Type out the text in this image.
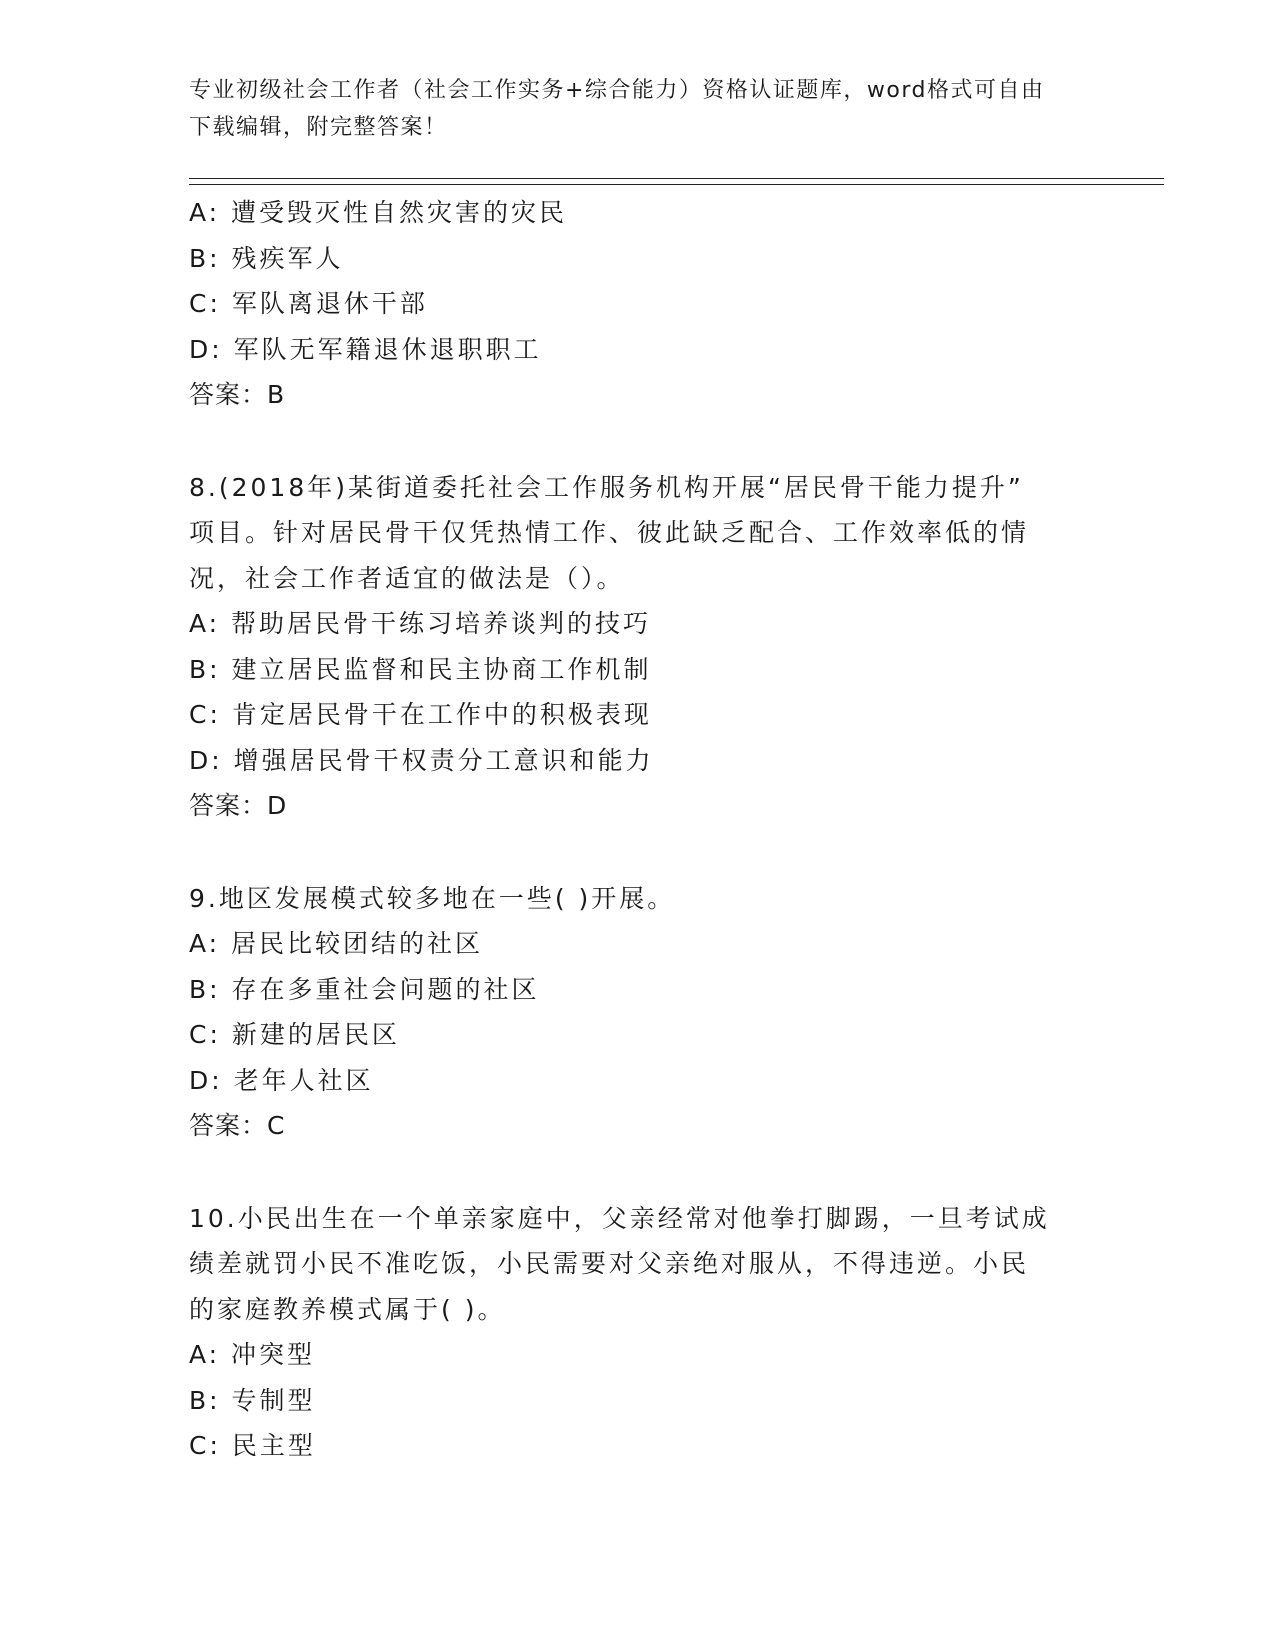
专业初级社会工作者（社会工作实务+综合能力）资格认证题库，word格式可自由
下载编辑，附完整答案！
A: 遭受毁灭性自然灾害的灾民
B: 残疾军人
C: 军队离退休干部
D: 军队无军籍退休退职职工
答案：B
8.(2018年)某街道委托社会工作服务机构开展“居民骨干能力提升”
项目。针对居民骨干仅凭热情工作、彼此缺乏配合、工作效率低的情
况，社会工作者适宜的做法是（）。
A: 帮助居民骨干练习培养谈判的技巧
B: 建立居民监督和民主协商工作机制
C: 肯定居民骨干在工作中的积极表现
D: 增强居民骨干权责分工意识和能力
答案：D
9.地区发展模式较多地在一些( )开展。
A: 居民比较团结的社区
B: 存在多重社会问题的社区
C: 新建的居民区
D: 老年人社区
答案：C
10.小民出生在一个单亲家庭中，父亲经常对他拳打脚踢，一旦考试成
绩差就罚小民不准吃饭，小民需要对父亲绝对服从，不得违逆。小民
的家庭教养模式属于( )。
A: 冲突型
B: 专制型
C: 民主型
